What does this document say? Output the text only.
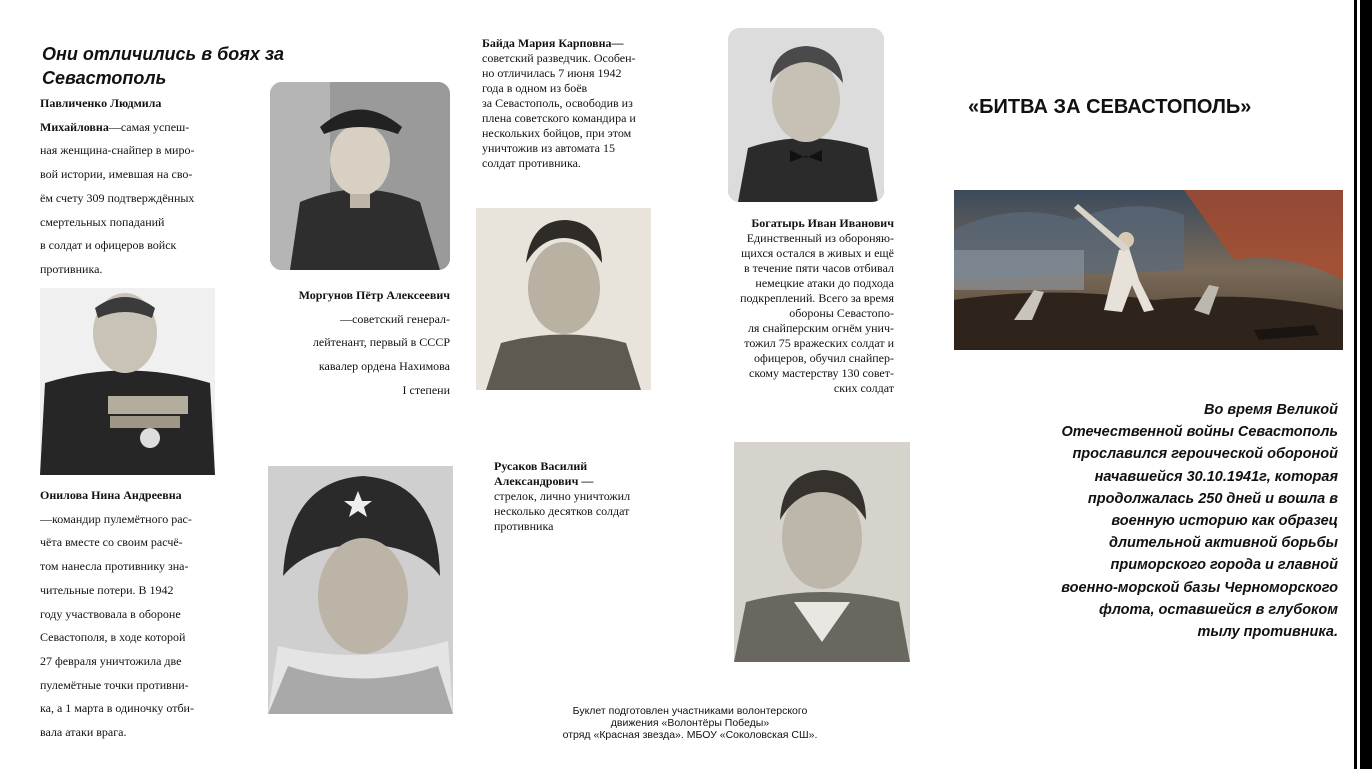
Они отличились в боях за
Севастополь
Павличенко Людмила
Михайловна—самая успеш-
ная женщина-снайпер в миро-
вой истории, имевшая на сво-
ём счету 309 подтверждённых
смертельных попаданий
в солдат и офицеров войск
противника.
Моргунов Пётр Алексеевич
—советский генерал-
лейтенант, первый в СССР
кавалер ордена Нахимова
I степени
Онилова Нина Андреевна
—командир пулемётного рас-
чёта вместе со своим расчё-
том нанесла противнику зна-
чительные потери. В 1942
году участвовала в обороне
Севастополя, в ходе которой
27 февраля уничтожила две
пулемётные точки противни-
ка, а 1 марта в одиночку отби-
вала атаки врага.
Байда Мария Карповна—
советский разведчик. Особен-
но отличилась 7 июня 1942
года в одном из боёв
за Севастополь, освободив из
плена советского командира и
нескольких бойцов, при этом
уничтожив из автомата 15
солдат противника.
Богатырь Иван Иванович
Единственный из обороняю-
щихся остался в живых и ещё
в течение пяти часов отбивал
немецкие атаки до подхода
подкреплений. Всего за время
обороны Севастопо-
ля снайперским огнём унич-
тожил 75 вражеских солдат и
офицеров, обучил снайпер-
скому мастерству 130 совет-
ских солдат
Русаков Василий
Александрович —
стрелок, лично уничтожил
несколько десятков солдат
противника
«БИТВА ЗА СЕВАСТОПОЛЬ»
Во время Великой
Отечественной войны Севастополь
прославился героической обороной
начавшейся 30.10.1941г, которая
продолжалась 250 дней и вошла в
военную историю как образец
длительной активной борьбы
приморского города и главной
военно-морской базы Черноморского
флота, оставшейся в глубоком
тылу противника.
Буклет подготовлен участниками волонтерского
движения «Волонтёры Победы»
отряд «Красная звезда». МБОУ «Соколовская СШ».
